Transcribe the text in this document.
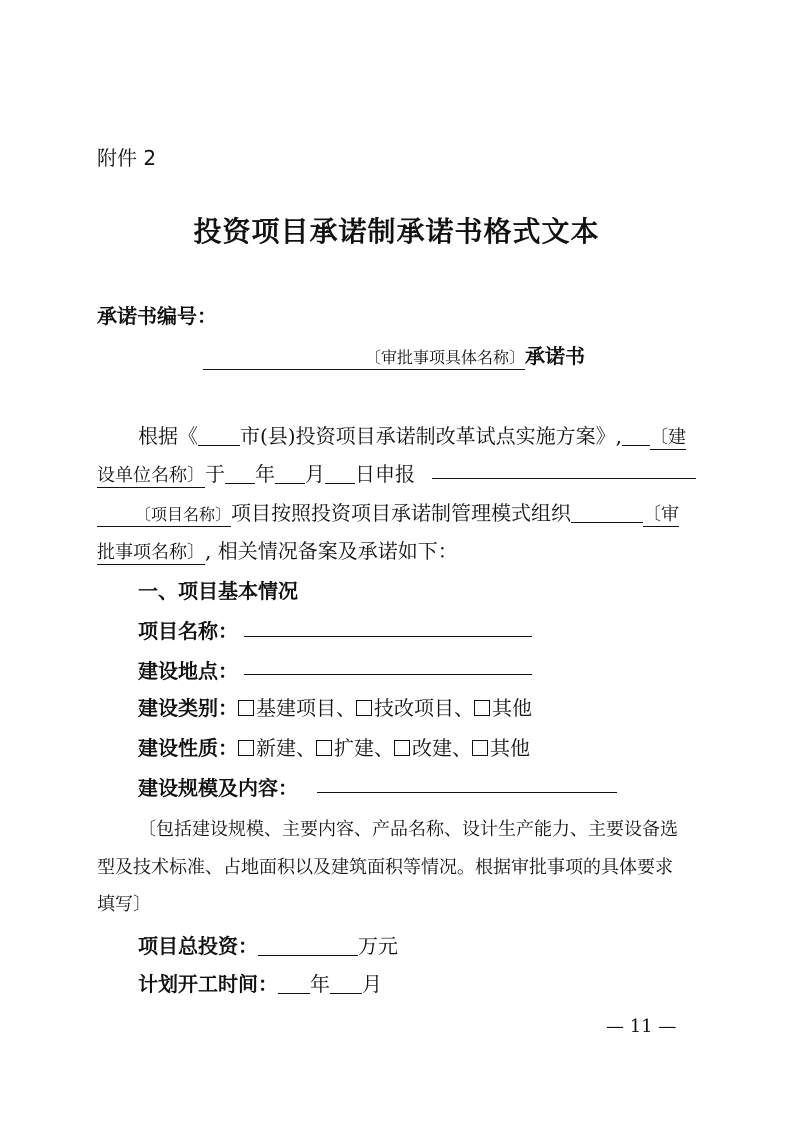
附件 2
投资项目承诺制承诺书格式文本
承诺书编号：
〔审批事项具体名称〕承诺书
根据《 市(县)投资项目承诺制改革试点实施方案》, 〔建
设单位名称〕于 年 月 日申报
〔项目名称〕项目按照投资项目承诺制管理模式组织	〔审
批事项名称〕, 相关情况备案及承诺如下：
一、项目基本情况
项目名称：
建设地点：
建设类别： 基建项目、 技改项目、 其他
建设性质： 新建、 扩建、 改建、 其他
建设规模及内容：
〔包括建设规模、主要内容、产品名称、设计生产能力、主要设备选
型及技术标准、占地面积以及建筑面积等情况。根据审批事项的具体要求
填写〕
项目总投资：	万元
计划开工时间： 年 月
— 11 —
